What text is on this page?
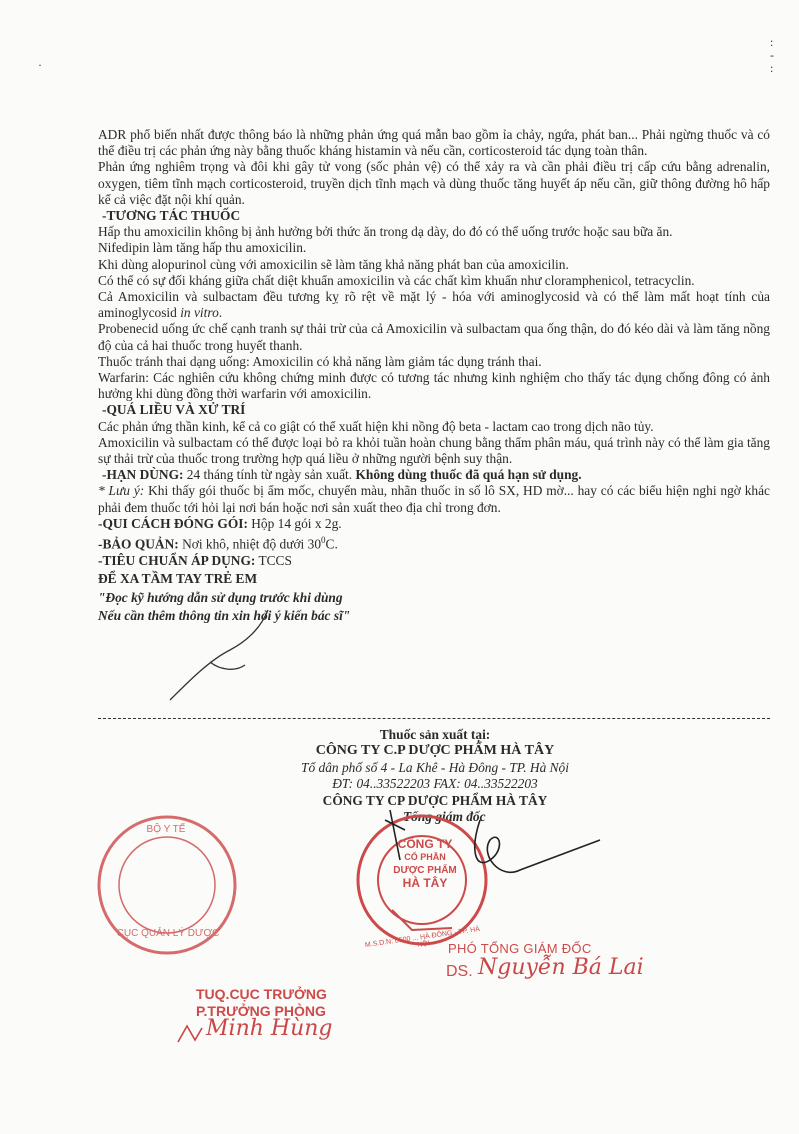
·
:
-
:

ADR phổ biến nhất được thông báo là những phản ứng quá mẫn bao gồm ỉa chảy, ngứa, phát ban... Phải ngừng thuốc và có thể điều trị các phản ứng này bằng thuốc kháng histamin và nếu cần, corticosteroid tác dụng toàn thân.

Phản ứng nghiêm trọng và đôi khi gây tử vong (sốc phản vệ) có thể xảy ra và cần phải điều trị cấp cứu bằng adrenalin, oxygen, tiêm tĩnh mạch corticosteroid, truyền dịch tĩnh mạch và dùng thuốc tăng huyết áp nếu cần, giữ thông đường hô hấp kể cả việc đặt nội khí quản.

-TƯƠNG TÁC THUỐC

Hấp thu amoxicilin không bị ảnh hưởng bởi thức ăn trong dạ dày, do đó có thể uống trước hoặc sau bữa ăn.

Nifedipin làm tăng hấp thu amoxicilin.

Khi dùng alopurinol cùng với amoxicilin sẽ làm tăng khả năng phát ban của amoxicilin.

Có thể có sự đối kháng giữa chất diệt khuẩn amoxicilin và các chất kìm khuẩn như cloramphenicol, tetracyclin.

Cả Amoxicilin và sulbactam đều tương kỵ rõ rệt về mặt lý - hóa với aminoglycosid và có thể làm mất hoạt tính của aminoglycosid in vitro.

Probenecid uống ức chế cạnh tranh sự thải trừ của cả Amoxicilin và sulbactam qua ống thận, do đó kéo dài và làm tăng nồng độ của cả hai thuốc trong huyết thanh.

Thuốc tránh thai dạng uống: Amoxicilin có khả năng làm giảm tác dụng tránh thai.

Warfarin: Các nghiên cứu không chứng minh được có tương tác nhưng kinh nghiệm cho thấy tác dụng chống đông có ảnh hưởng khi dùng đồng thời warfarin với amoxicilin.

-QUÁ LIỀU VÀ XỬ TRÍ

Các phản ứng thần kinh, kể cả co giật có thể xuất hiện khi nồng độ beta - lactam cao trong dịch não tủy.

Amoxicilin và sulbactam có thể được loại bỏ ra khỏi tuần hoàn chung bằng thẩm phân máu, quá trình này có thể làm gia tăng sự thải trừ của thuốc trong trường hợp quá liều ở những người bệnh suy thận.

-HẠN DÙNG: 24 tháng tính từ ngày sản xuất. Không dùng thuốc đã quá hạn sử dụng.

* Lưu ý: Khi thấy gói thuốc bị ẩm mốc, chuyển màu, nhãn thuốc in số lô SX, HD mờ... hay có các biểu hiện nghi ngờ khác phải đem thuốc tới hỏi lại nơi bán hoặc nơi sản xuất theo địa chỉ trong đơn.

-QUI CÁCH ĐÓNG GÓI: Hộp 14 gói x 2g.

-BẢO QUẢN: Nơi khô, nhiệt độ dưới $30^0C$.

-TIÊU CHUẨN ÁP DỤNG: TCCS

ĐỂ XA TẦM TAY TRẺ EM

"Đọc kỹ hướng dẫn sử dụng trước khi dùng

Nếu cần thêm thông tin xin hỏi ý kiến bác sĩ"

Thuốc sản xuất tại:
CÔNG TY C.P DƯỢC PHẨM HÀ TÂY
Tổ dân phố số 4 - La Khê - Hà Đông - TP. Hà Nội
ĐT: 04..33522203 FAX: 04..33522203
CÔNG TY CP DƯỢC PHẨM HÀ TÂY
Tổng giám đốc
CÔNG TY
CỔ PHẦN
DƯỢC PHẨM
HÀ TÂY
M.S.D.N: 0500 ... HÀ ĐÔNG - TP. HÀ NỘI
BỘ Y TẾ
CỤC QUẢN LÝ DƯỢC
PHÓ TỔNG GIÁM ĐỐC
DS. Nguyễn Bá Lai
TUQ.CỤC TRƯỞNG
P.TRƯỞNG PHÒNG
Minh Hùng
